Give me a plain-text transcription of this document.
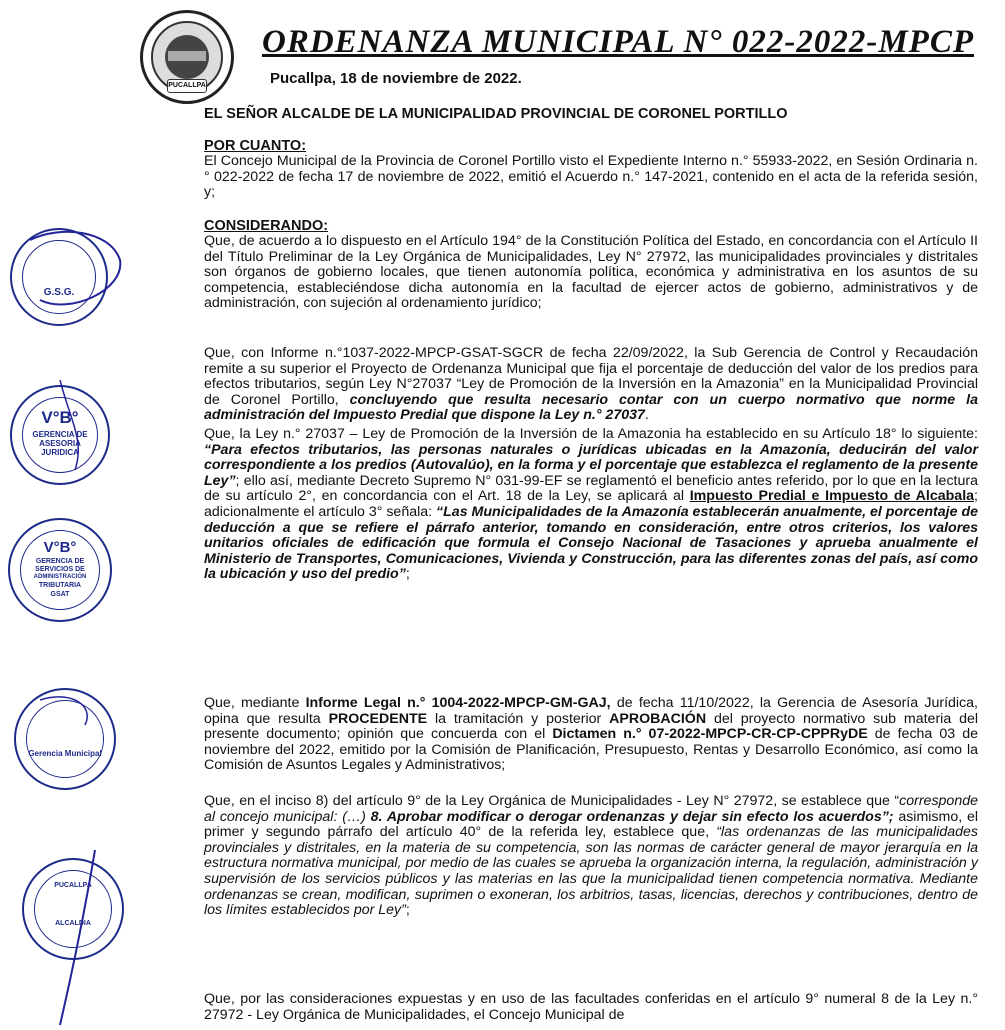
PUCALLPA
ORDENANZA MUNICIPAL N° 022-2022-MPCP
Pucallpa, 18 de noviembre de 2022.
EL SEÑOR ALCALDE DE LA MUNICIPALIDAD PROVINCIAL DE CORONEL PORTILLO
POR CUANTO:
El Concejo Municipal de la Provincia de Coronel Portillo visto el Expediente Interno n.° 55933-2022, en Sesión Ordinaria n.° 022-2022 de fecha 17 de noviembre de 2022, emitió el Acuerdo n.° 147-2021, contenido en el acta de la referida sesión, y;
CONSIDERANDO:
Que, de acuerdo a lo dispuesto en el Artículo 194° de la Constitución Política del Estado, en concordancia con el Artículo II del Título Preliminar de la Ley Orgánica de Municipalidades, Ley N° 27972, las municipalidades provinciales y distritales son órganos de gobierno locales, que tienen autonomía política, económica y administrativa en los asuntos de su competencia, estableciéndose dicha autonomía en la facultad de ejercer actos de gobierno, administrativos y de administración, con sujeción al ordenamiento jurídico;
Que, con Informe n.°1037-2022-MPCP-GSAT-SGCR de fecha 22/09/2022, la Sub Gerencia de Control y Recaudación remite a su superior el Proyecto de Ordenanza Municipal que fija el porcentaje de deducción del valor de los predios para efectos tributarios, según Ley N°27037 “Ley de Promoción de la Inversión en la Amazonia” en la Municipalidad Provincial de Coronel Portillo, concluyendo que resulta necesario contar con un cuerpo normativo que norme la administración del Impuesto Predial que dispone la Ley n.° 27037.
Que, la Ley n.° 27037 – Ley de Promoción de la Inversión de la Amazonia ha establecido en su Artículo 18° lo siguiente: “Para efectos tributarios, las personas naturales o jurídicas ubicadas en la Amazonía, deducirán del valor correspondiente a los predios (Autovalúo), en la forma y el porcentaje que establezca el reglamento de la presente Ley”; ello así, mediante Decreto Supremo N° 031-99-EF se reglamentó el beneficio antes referido, por lo que en la lectura de su artículo 2°, en concordancia con el Art. 18 de la Ley, se aplicará al Impuesto Predial e Impuesto de Alcabala; adicionalmente el artículo 3° señala: “Las Municipalidades de la Amazonía establecerán anualmente, el porcentaje de deducción a que se refiere el párrafo anterior, tomando en consideración, entre otros criterios, los valores unitarios oficiales de edificación que formula el Consejo Nacional de Tasaciones y aprueba anualmente el Ministerio de Transportes, Comunicaciones, Vivienda y Construcción, para las diferentes zonas del país, así como la ubicación y uso del predio”;
Que, mediante Informe Legal n.° 1004-2022-MPCP-GM-GAJ, de fecha 11/10/2022, la Gerencia de Asesoría Jurídica, opina que resulta PROCEDENTE la tramitación y posterior APROBACIÓN del proyecto normativo sub materia del presente documento; opinión que concuerda con el Dictamen n.° 07-2022-MPCP-CR-CP-CPPRyDE de fecha 03 de noviembre del 2022, emitido por la Comisión de Planificación, Presupuesto, Rentas y Desarrollo Económico, así como la Comisión de Asuntos Legales y Administrativos;
Que, en el inciso 8) del artículo 9° de la Ley Orgánica de Municipalidades - Ley N° 27972, se establece que “corresponde al concejo municipal: (…) 8. Aprobar modificar o derogar ordenanzas y dejar sin efecto los acuerdos”; asimismo, el primer y segundo párrafo del artículo 40° de la referida ley, establece que, “las ordenanzas de las municipalidades provinciales y distritales, en la materia de su competencia, son las normas de carácter general de mayor jerarquía en la estructura normativa municipal, por medio de las cuales se aprueba la organización interna, la regulación, administración y supervisión de los servicios públicos y las materias en las que la municipalidad tienen competencia normativa. Mediante ordenanzas se crean, modifican, suprimen o exoneran, los arbitrios, tasas, licencias, derechos y contribuciones, dentro de los límites establecidos por Ley”;
Que, por las consideraciones expuestas y en uso de las facultades conferidas en el artículo 9° numeral 8 de la Ley n.° 27972 - Ley Orgánica de Municipalidades, el Concejo Municipal de
G.S.G.
V°B°
GERENCIA DE
ASESORIA
JURIDICA
V°B°
GERENCIA DE
SERVICIOS DE
ADMINISTRACIÓN
TRIBUTARIA
GSAT
Gerencia Municipal
PUCALLPA
ALCALDIA
